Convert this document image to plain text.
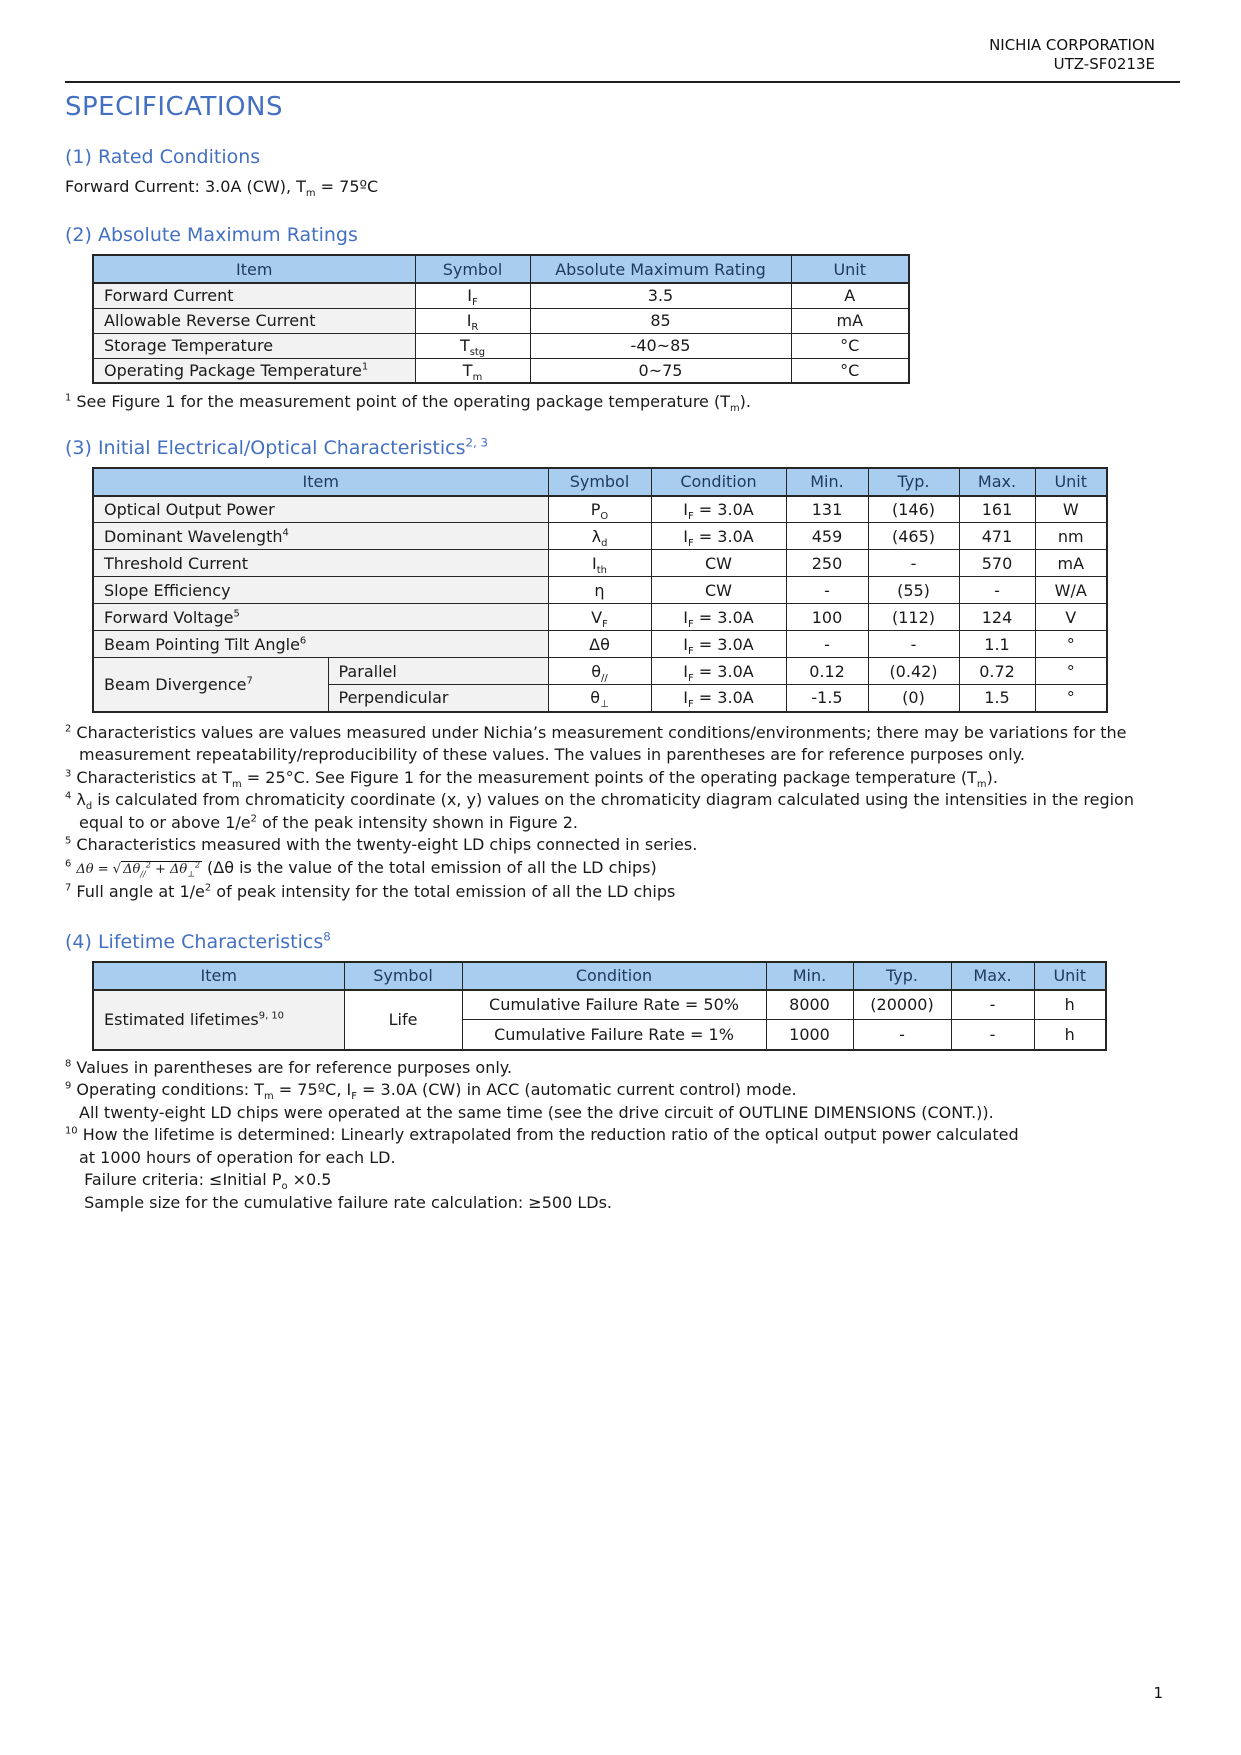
NICHIA CORPORATION
UTZ-SF0213E
SPECIFICATIONS
(1) Rated Conditions

Forward Current: 3.0A (CW), $T_m$ = 75ºC

(2) Absolute Maximum Ratings
Item	Symbol	Absolute Maximum Rating	Unit
Forward Current	$I_F$	3.5	A
Allowable Reverse Current	$I_R$	85	mA
Storage Temperature	$T_{stg}$	-40~85	°C
Operating Package Temperature$^1$	$T_m$	0~75	°C
$^1$ See Figure 1 for the measurement point of the operating package temperature $(T_m)$.
(3) Initial Electrical/Optical Characteristics$^{2, 3}$
Item		Symbol	Condition	Min.	Typ.	Max.	Unit
Optical Output Power		$P_O$	$I_F = 3.0A$	131	(146)	161	W
Dominant Wavelength$^4$		$\lambda_d$	$I_F = 3.0A$	459	(465)	471	nm
Threshold Current		$I_{th}$	CW	250	-	570	mA
Slope Efficiency		η	CW	-	(55)	-	W/A
Forward Voltage$^5$		$V_F$	$I_F = 3.0A$	100	(112)	124	V
Beam Pointing Tilt Angle$^6$		Δθ	$I_F = 3.0A$	-	-	1.1	°
Beam Divergence$^7$	Parallel	$\theta_{//}$	$I_F = 3.0A$	0.12	(0.42)	0.72	°
	Perpendicular	$\theta_\perp$	$I_F = 3.0A$	-1.5	(0)	1.5	°
$^2$ Characteristics values are values measured under Nichia’s measurement conditions/environments; there may be variations for the measurement repeatability/reproducibility of these values. The values in parentheses are for reference purposes only.
$^3$ Characteristics at $T_m = 25^\circ C$. See Figure 1 for the measurement points of the operating package temperature $(T_m)$.
$^4$ $\lambda_d$ is calculated from chromaticity coordinate (x, y) values on the chromaticity diagram calculated using the intensities in the region equal to or above $1/e^2$ of the peak intensity shown in Figure 2.
$^5$ Characteristics measured with the twenty-eight LD chips connected in series.
$^6$ Δθ = √ $\Delta\theta_{//}^2 + \Delta\theta_\perp^2$ (Δθ is the value of the total emission of all the LD chips)
$^7$ Full angle at $1/e^2$ of peak intensity for the total emission of all the LD chips
(4) Lifetime Characteristics$^8$
Item	Symbol	Condition	Min.	Typ.	Max.	Unit
Estimated lifetimes$^{9, 10}$	Life	Cumulative Failure Rate = 50%	8000	(20000)	-	h
		Cumulative Failure Rate = 1%	1000	-	-	h
$^8$ Values in parentheses are for reference purposes only.
$^9$ Operating conditions: $T_m$ = 75ºC, $I_F = 3.0A$ (CW) in ACC (automatic current control) mode.
All twenty-eight LD chips were operated at the same time (see the drive circuit of OUTLINE DIMENSIONS (CONT.)).
$^{10}$ How the lifetime is determined: Linearly extrapolated from the reduction ratio of the optical output power calculated
at 1000 hours of operation for each LD.
Failure criteria: ≤Initial $P_o \times 0.5$
Sample size for the cumulative failure rate calculation: ≥500 LDs.
1
